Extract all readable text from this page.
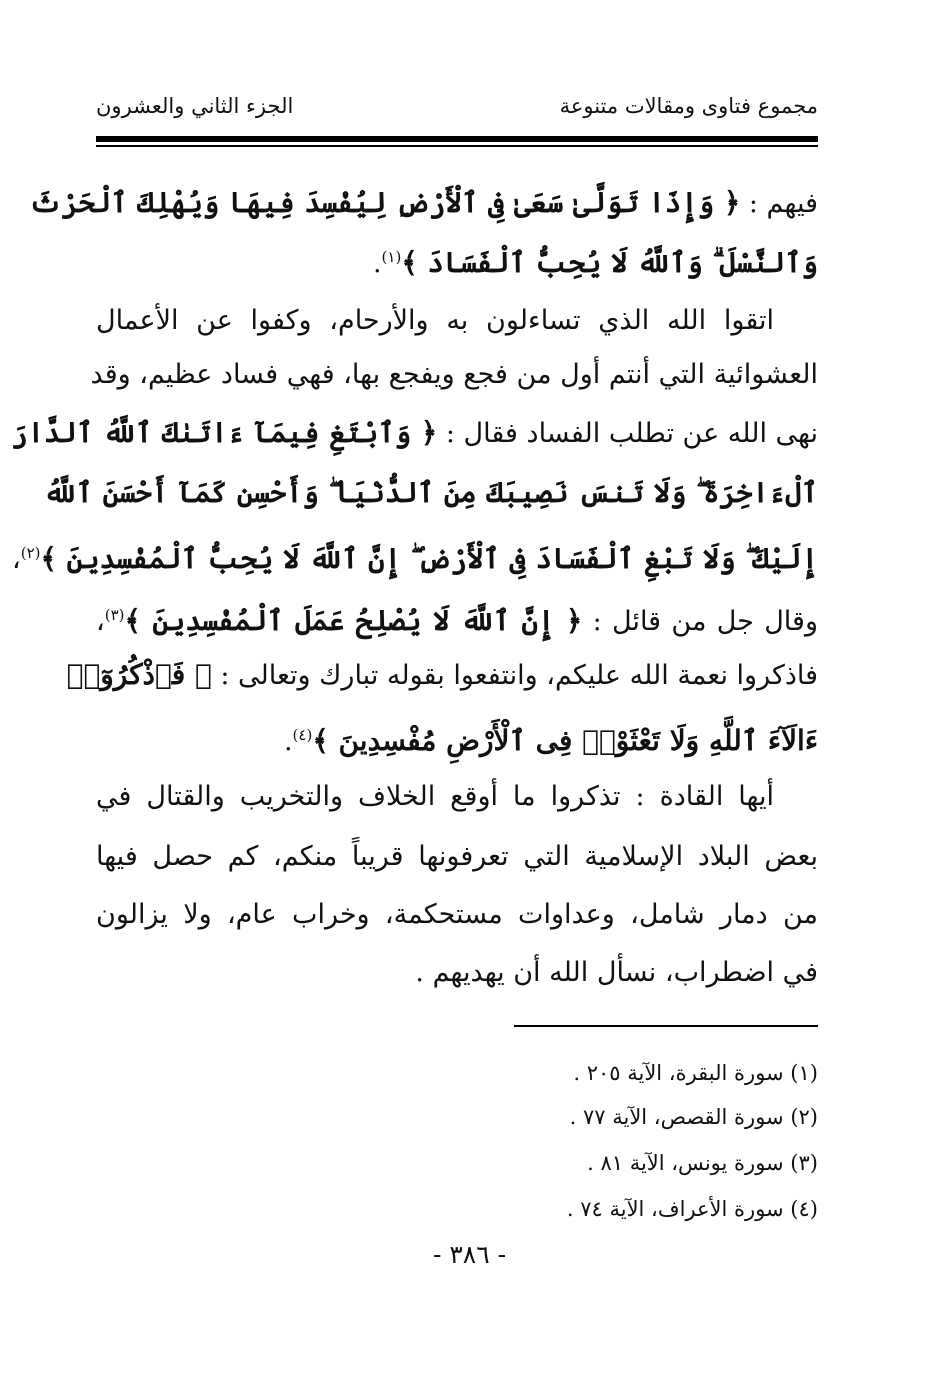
مجموع فتاوى ومقالات متنوعة
الجزء الثاني والعشرون
فيهم : ﴿ وَإِذَا تَوَلَّىٰ سَعَىٰ فِى ٱلْأَرْضِ لِيُفْسِدَ فِيهَا وَيُهْلِكَ ٱلْحَرْثَ
وَٱلنَّسْلَ ۗ وَٱللَّهُ لَا يُحِبُّ ٱلْفَسَادَ ﴾$^{(١)}$.
اتقوا الله الذي تساءلون به والأرحام، وكفوا عن الأعمال
العشوائية التي أنتم أول من فجع ويفجع بها، فهي فساد عظيم، وقد
نهى الله عن تطلب الفساد فقال : ﴿ وَٱبْتَغِ فِيمَآ ءَاتَىٰكَ ٱللَّهُ ٱلدَّارَ
ٱلْءَاخِرَةَ ۖ وَلَا تَنسَ نَصِيبَكَ مِنَ ٱلدُّنْيَا ۖ وَأَحْسِن كَمَآ أَحْسَنَ ٱللَّهُ
إِلَيْكَ ۖ وَلَا تَبْغِ ٱلْفَسَادَ فِى ٱلْأَرْضِ ۖ إِنَّ ٱللَّهَ لَا يُحِبُّ ٱلْمُفْسِدِينَ ﴾$^{(٢)}$،
وقال جل من قائل : ﴿ إِنَّ ٱللَّهَ لَا يُصْلِحُ عَمَلَ ٱلْمُفْسِدِينَ ﴾$^{(٣)}$،
فاذكروا نعمة الله عليكم، وانتفعوا بقوله تبارك وتعالى : ﴿ فَٱذْكُرُوٓا۟
ءَالَآءَ ٱللَّهِ وَلَا تَعْثَوْا۟ فِى ٱلْأَرْضِ مُفْسِدِينَ ﴾$^{(٤)}$.
أيها القادة : تذكروا ما أوقع الخلاف والتخريب والقتال في
بعض البلاد الإسلامية التي تعرفونها قريباً منكم، كم حصل فيها
من دمار شامل، وعداوات مستحكمة، وخراب عام، ولا يزالون
في اضطراب، نسأل الله أن يهديهم .
(١) سورة البقرة، الآية ٢٠٥ .
(٢) سورة القصص، الآية ٧٧ .
(٣) سورة يونس، الآية ٨١ .
(٤) سورة الأعراف، الآية ٧٤ .
- ٣٨٦ -
